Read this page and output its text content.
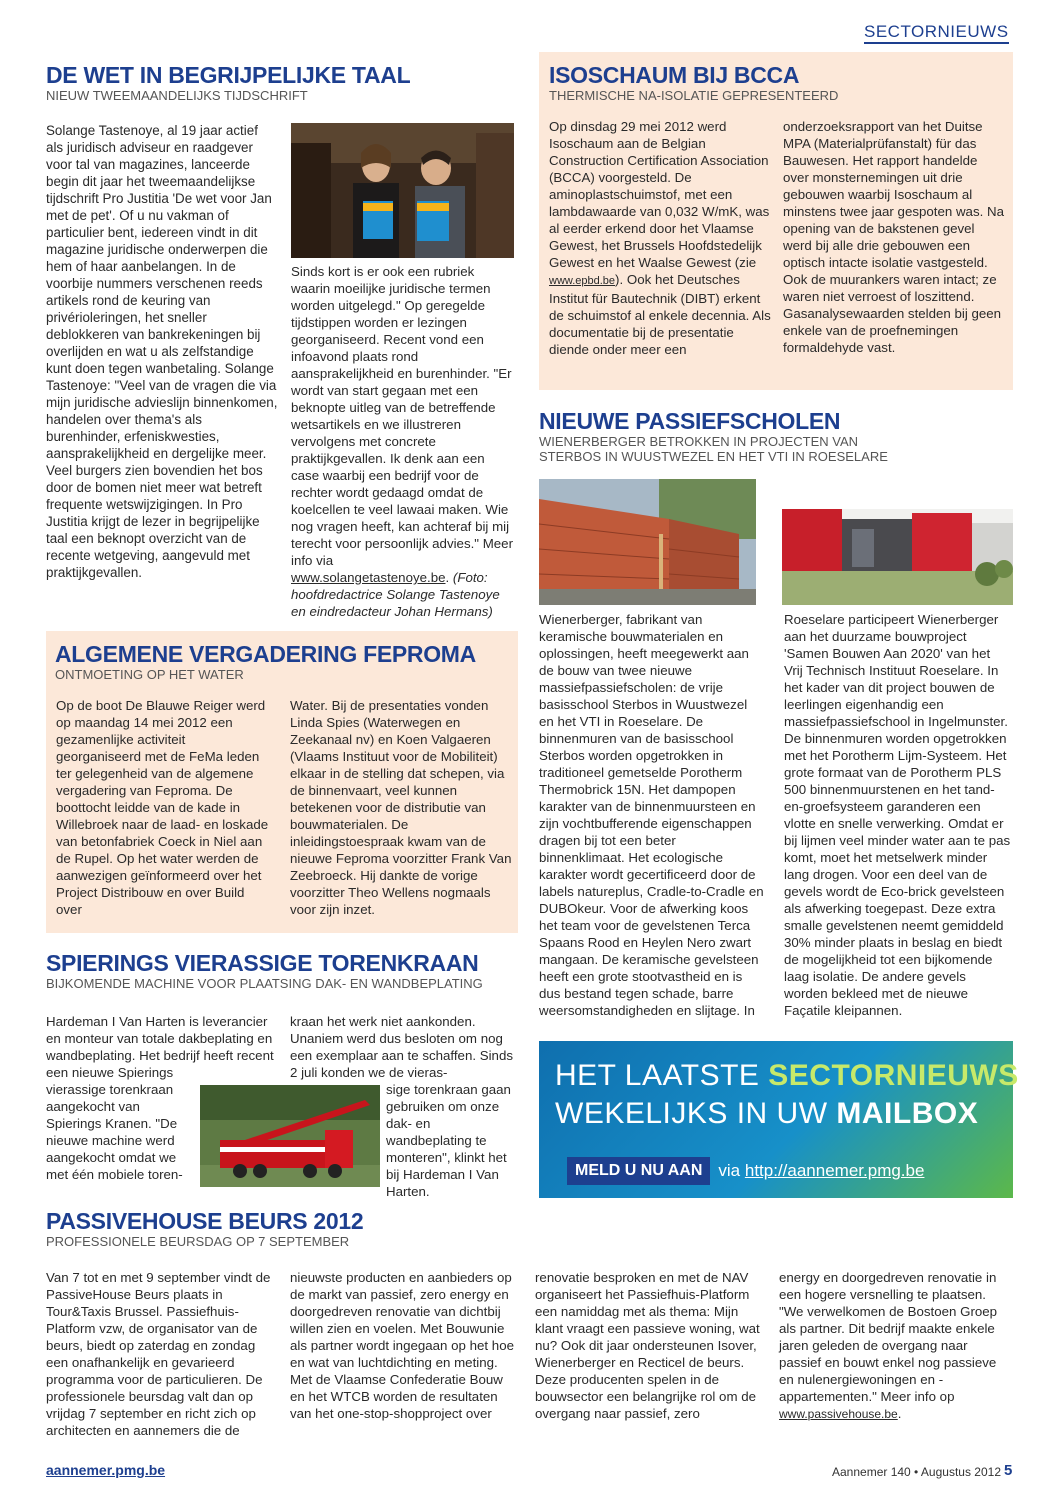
SECTORNIEUWS
DE WET IN BEGRIJPELIJKE TAAL

NIEUW TWEEMAANDELIJKS TIJDSCHRIFT

Solange Tastenoye, al 19 jaar actief als juridisch adviseur en raadgever voor tal van magazines, lanceerde begin dit jaar het tweemaandelijkse tijdschrift Pro Justitia 'De wet voor Jan met de pet'. Of u nu vakman of particulier bent, iedereen vindt in dit magazine juridische onderwerpen die hem of haar aanbelangen. In de voorbije nummers verschenen reeds artikels rond de keuring van privérioleringen, het sneller deblokkeren van bankrekeningen bij overlijden en wat u als zelfstandige kunt doen tegen wanbetaling. Solange Tastenoye: "Veel van de vragen die via mijn juridische advieslijn binnenkomen, handelen over thema's als burenhinder, erfeniskwesties, aansprakelijkheid en dergelijke meer. Veel burgers zien bovendien het bos door de bomen niet meer wat betreft frequente wetswijzigingen. In Pro Justitia krijgt de lezer in begrijpelijke taal een beknopt overzicht van de recente wetgeving, aangevuld met praktijkgevallen.

Sinds kort is er ook een rubriek waarin moeilijke juridische termen worden uitgelegd." Op geregelde tijdstippen worden er lezingen georganiseerd. Recent vond een infoavond plaats rond aansprakelijkheid en burenhinder. "Er wordt van start gegaan met een beknopte uitleg van de betreffende wetsartikels en we illustreren vervolgens met concrete praktijkgevallen. Ik denk aan een case waarbij een bedrijf voor de rechter wordt gedaagd omdat de koelcellen te veel lawaai maken. Wie nog vragen heeft, kan achteraf bij mij terecht voor persoonlijk advies." Meer info via
www.solangetastenoye.be. (Foto: hoofdredactrice Solange Tastenoye en eindredacteur Johan Hermans)
ISOSCHAUM BIJ BCCA

THERMISCHE NA-ISOLATIE GEPRESENTEERD

Op dinsdag 29 mei 2012 werd Isoschaum aan de Belgian Construction Certification Association (BCCA) voorgesteld. De aminoplastschuimstof, met een lambdawaarde van 0,032 W/mK, was al eerder erkend door het Vlaamse Gewest, het Brussels Hoofdstedelijk Gewest en het Waalse Gewest (zie
www.epbd.be). Ook het Deutsches Institut für Bautechnik (DIBT) erkent de schuimstof al enkele decennia. Als documentatie bij de presentatie diende onder meer een

onderzoeksrapport van het Duitse MPA (Materialprüfanstalt) für das Bauwesen. Het rapport handelde over monsternemingen uit drie gebouwen waarbij Isoschaum al minstens twee jaar gespoten was. Na opening van de bakstenen gevel werd bij alle drie gebouwen een optisch intacte isolatie vastgesteld. Ook de muurankers waren intact; ze waren niet verroest of loszittend. Gasanalysewaarden stelden bij geen enkele van de proefnemingen formaldehyde vast.

NIEUWE PASSIEFSCHOLEN

WIENERBERGER BETROKKEN IN PROJECTEN VAN

STERBOS IN WUUSTWEZEL EN HET VTI IN ROESELARE

Wienerberger, fabrikant van keramische bouwmaterialen en oplossingen, heeft meegewerkt aan de bouw van twee nieuwe massiefpassiefscholen: de vrije basisschool Sterbos in Wuustwezel en het VTI in Roeselare. De binnenmuren van de basisschool Sterbos worden opgetrokken in traditioneel gemetselde Porotherm Thermobrick 15N. Het dampopen karakter van de binnenmuursteen en zijn vochtbufferende eigenschappen dragen bij tot een beter binnenklimaat. Het ecologische karakter wordt gecertificeerd door de labels natureplus, Cradle-to-Cradle en DUBOkeur. Voor de afwerking koos het team voor de gevelstenen Terca Spaans Rood en Heylen Nero zwart mangaan. De keramische gevelsteen heeft een grote stootvastheid en is dus bestand tegen schade, barre weersomstandigheden en slijtage. In

Roeselare participeert Wienerberger aan het duurzame bouwproject 'Samen Bouwen Aan 2020' van het Vrij Technisch Instituut Roeselare. In het kader van dit project bouwen de leerlingen eigenhandig een massiefpassiefschool in Ingelmunster. De binnenmuren worden opgetrokken met het Porotherm Lijm-Systeem. Het grote formaat van de Porotherm PLS 500 binnenmuurstenen en het tand-en-groefsysteem garanderen een vlotte en snelle verwerking. Omdat er bij lijmen veel minder water aan te pas komt, moet het metselwerk minder lang drogen. Voor een deel van de gevels wordt de Eco-brick gevelsteen als afwerking toegepast. Deze extra smalle gevelstenen neemt gemiddeld 30% minder plaats in beslag en biedt de mogelijkheid tot een bijkomende laag isolatie. De andere gevels worden bekleed met de nieuwe Façatile kleipannen.

ALGEMENE VERGADERING FEPROMA

ONTMOETING OP HET WATER

Op de boot De Blauwe Reiger werd op maandag 14 mei 2012 een gezamenlijke activiteit georganiseerd met de FeMa leden ter gelegenheid van de algemene vergadering van Feproma. De boottocht leidde van de kade in Willebroek naar de laad- en loskade van betonfabriek Coeck in Niel aan de Rupel. Op het water werden de aanwezigen geïnformeerd over het Project Distribouw en over Build over

Water. Bij de presentaties vonden Linda Spies (Waterwegen en Zeekanaal nv) en Koen Valgaeren (Vlaams Instituut voor de Mobiliteit) elkaar in de stelling dat schepen, via de binnenvaart, veel kunnen betekenen voor de distributie van bouwmaterialen. De inleidingstoespraak kwam van de nieuwe Feproma voorzitter Frank Van Zeebroeck. Hij dankte de vorige voorzitter Theo Wellens nogmaals voor zijn inzet.

SPIERINGS VIERASSIGE TORENKRAAN

BIJKOMENDE MACHINE VOOR PLAATSING DAK- EN WANDBEPLATING

Hardeman I Van Harten is leverancier en monteur van totale dakbeplating en wandbeplating. Het bedrijf heeft recent een nieuwe Spierings

vierassige torenkraan aangekocht van Spierings Kranen. "De nieuwe machine werd aangekocht omdat we met één mobiele toren-

kraan het werk niet aankonden. Unaniem werd dus besloten om nog een exemplaar aan te schaffen. Sinds 2 juli konden we de vieras-

sige torenkraan gaan gebruiken om onze dak- en wandbeplating te monteren", klinkt het bij Hardeman I Van Harten.

HET LAATSTE SECTORNIEUWS
WEKELIJKS IN UW MAILBOX
MELD U NU AAN via http://aannemer.pmg.be
PASSIVEHOUSE BEURS 2012

PROFESSIONELE BEURSDAG OP 7 SEPTEMBER

Van 7 tot en met 9 september vindt de PassiveHouse Beurs plaats in Tour&Taxis Brussel. Passiefhuis-Platform vzw, de organisator van de beurs, biedt op zaterdag en zondag een onafhankelijk en gevarieerd programma voor de particulieren. De professionele beursdag valt dan op vrijdag 7 september en richt zich op architecten en aannemers die de

nieuwste producten en aanbieders op de markt van passief, zero energy en doorgedreven renovatie van dichtbij willen zien en voelen. Met Bouwunie als partner wordt ingegaan op het hoe en wat van luchtdichting en meting. Met de Vlaamse Confederatie Bouw en het WTCB worden de resultaten van het one-stop-shopproject over

renovatie besproken en met de NAV organiseert het Passiefhuis-Platform een namiddag met als thema: Mijn klant vraagt een passieve woning, wat nu? Ook dit jaar ondersteunen Isover, Wienerberger en Recticel de beurs. Deze producenten spelen in de bouwsector een belangrijke rol om de overgang naar passief, zero

energy en doorgedreven renovatie in een hogere versnelling te plaatsen. "We verwelkomen de Bostoen Groep als partner. Dit bedrijf maakte enkele jaren geleden de overgang naar passief en bouwt enkel nog passieve en nulenergiewoningen en -appartementen." Meer info op www.passivehouse.be.
aannemer.pmg.be	Aannemer 140 • Augustus 2012 5
